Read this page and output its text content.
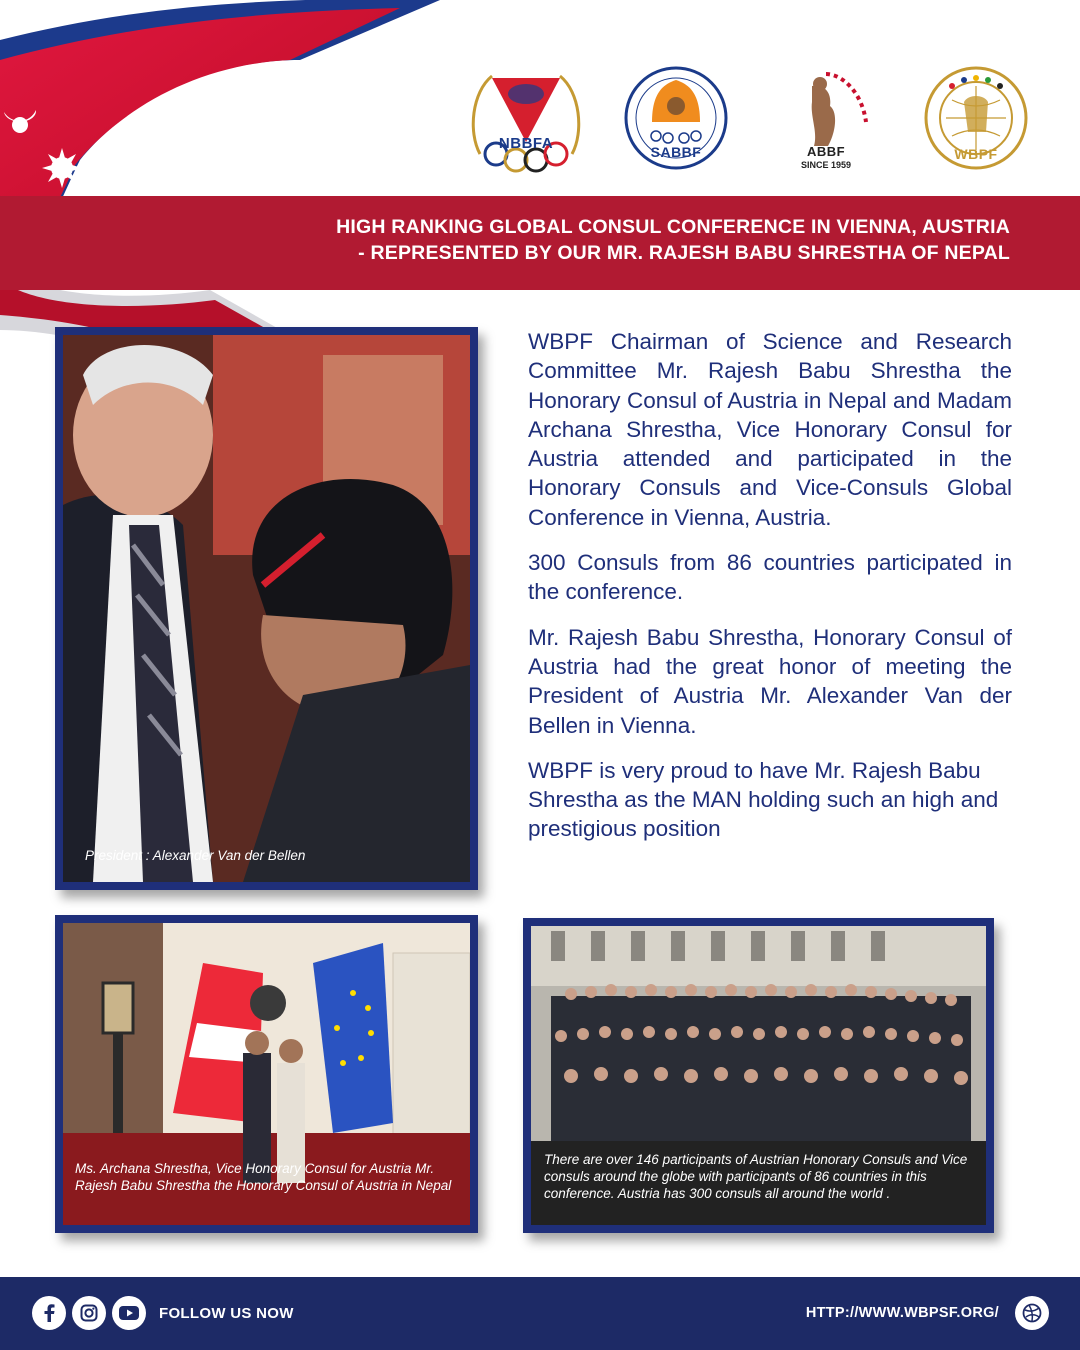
NBBFA
SABBF	ABBF
SINCE 1959
WBPF
HIGH RANKING GLOBAL CONSUL CONFERENCE IN VIENNA, AUSTRIA
- REPRESENTED BY OUR MR. RAJESH BABU SHRESTHA OF NEPAL
President : Alexander Van der Bellen
Ms. Archana Shrestha, Vice Honorary Consul for Austria Mr. Rajesh Babu Shrestha the Honorary Consul of Austria in Nepal
There are over 146 participants of Austrian Honorary Consuls and Vice consuls around the globe with participants of 86 countries in this conference. Austria has 300 consuls all around the world .

WBPF Chairman of Science and Research Committee Mr. Rajesh Babu Shrestha the Honorary Consul of Austria in Nepal and Madam Archana Shrestha, Vice Honorary Consul for Austria attended and participated in the Honorary Consuls and Vice-Consuls Global Conference in Vienna, Austria.

300 Consuls from 86 countries participated in the conference.

Mr. Rajesh Babu Shrestha, Honorary Consul of Austria had the great honor of meeting the President of Austria Mr. Alexander Van der Bellen in Vienna.

WBPF is very proud to have Mr. Rajesh Babu Shrestha as the MAN holding such an high and prestigious position

FOLLOW US NOW	HTTP://WWW.WBPSF.ORG/
